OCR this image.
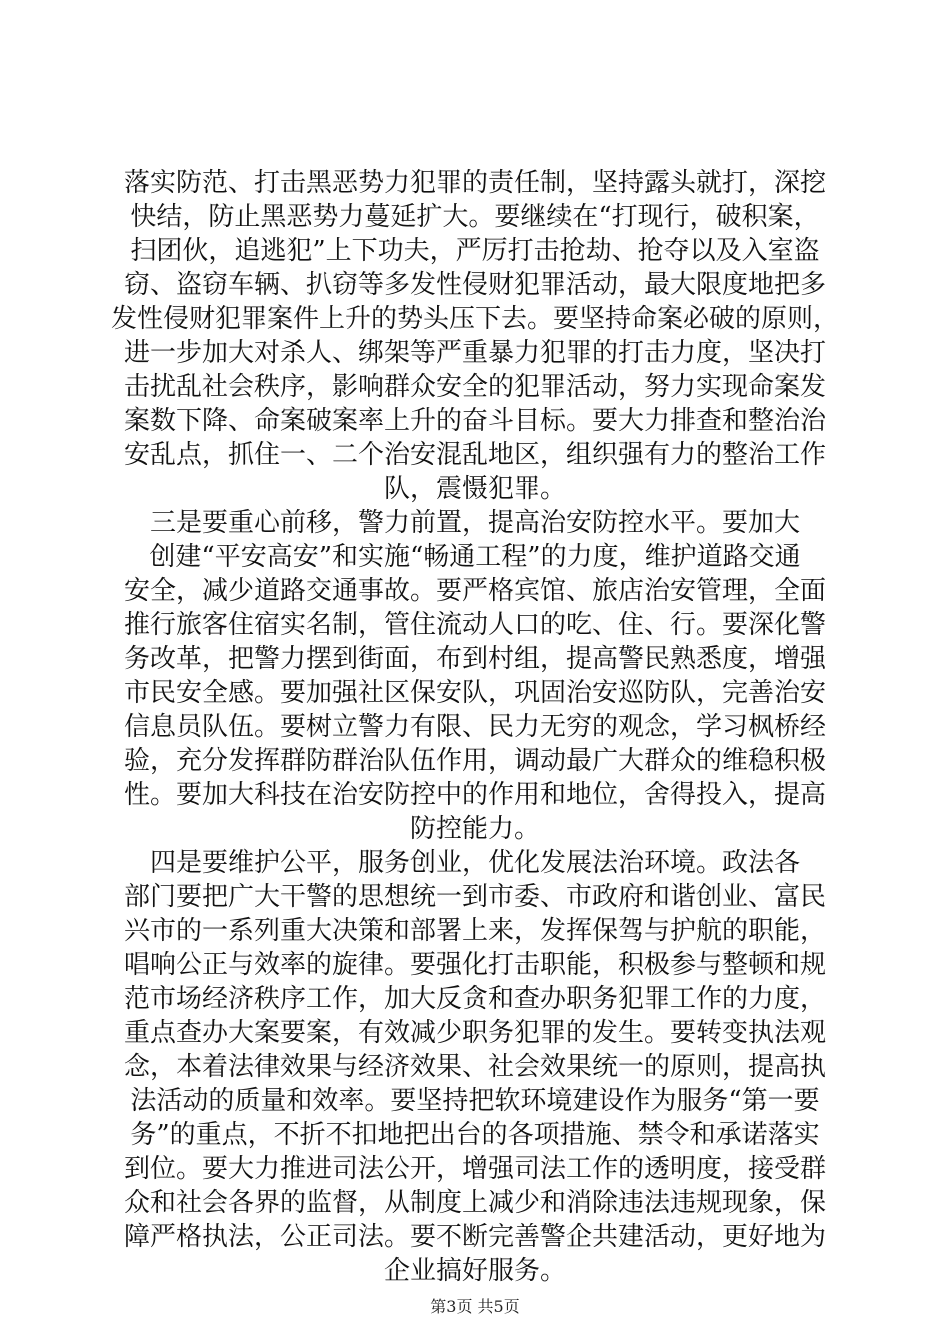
落实防范、打击黑恶势力犯罪的责任制，坚持露头就打，深挖
快结，防止黑恶势力蔓延扩大。要继续在“打现行，破积案，
扫团伙，追逃犯”上下功夫，严厉打击抢劫、抢夺以及入室盗
窃、盗窃车辆、扒窃等多发性侵财犯罪活动，最大限度地把多
发性侵财犯罪案件上升的势头压下去。要坚持命案必破的原则，
进一步加大对杀人、绑架等严重暴力犯罪的打击力度，坚决打
击扰乱社会秩序，影响群众安全的犯罪活动，努力实现命案发
案数下降、命案破案率上升的奋斗目标。要大力排查和整治治
安乱点，抓住一、二个治安混乱地区，组织强有力的整治工作
队，震慑犯罪。
三是要重心前移，警力前置，提高治安防控水平。要加大
创建“平安高安”和实施“畅通工程”的力度，维护道路交通
安全，减少道路交通事故。要严格宾馆、旅店治安管理，全面
推行旅客住宿实名制，管住流动人口的吃、住、行。要深化警
务改革，把警力摆到街面，布到村组，提高警民熟悉度，增强
市民安全感。要加强社区保安队，巩固治安巡防队，完善治安
信息员队伍。要树立警力有限、民力无穷的观念，学习枫桥经
验，充分发挥群防群治队伍作用，调动最广大群众的维稳积极
性。要加大科技在治安防控中的作用和地位，舍得投入，提高
防控能力。
四是要维护公平，服务创业，优化发展法治环境。政法各
部门要把广大干警的思想统一到市委、市政府和谐创业、富民
兴市的一系列重大决策和部署上来，发挥保驾与护航的职能，
唱响公正与效率的旋律。要强化打击职能，积极参与整顿和规
范市场经济秩序工作，加大反贪和查办职务犯罪工作的力度，
重点查办大案要案，有效减少职务犯罪的发生。要转变执法观
念，本着法律效果与经济效果、社会效果统一的原则，提高执
法活动的质量和效率。要坚持把软环境建设作为服务“第一要
务”的重点，不折不扣地把出台的各项措施、禁令和承诺落实
到位。要大力推进司法公开，增强司法工作的透明度，接受群
众和社会各界的监督，从制度上减少和消除违法违规现象，保
障严格执法，公正司法。要不断完善警企共建活动，更好地为
企业搞好服务。
第3页 共5页
